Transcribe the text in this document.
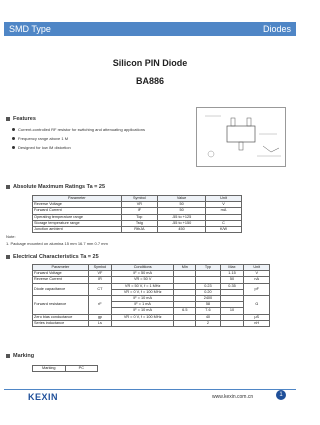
SMD Type	Diodes
Silicon PIN Diode
BA886
Features
Current-controlled RF resistor for switching and attenuating applications
Frequency range above 1 M
Designed for low IM distortion
Absolute Maximum Ratings Ta = 25
Parameter	Symbol	Value	Unit
Reverse Voltage	VR	50	V
Forward Current	IF	50	mA
Operating temperature range	Top	-55 to +125	
Storage temperature range	Tstg	-55 to +150	C
Junction ambient	RthJA	450	K/W
Note:
1. Package mounted on alumina 15 mm 16.7 mm 0.7 mm
Electrical Characteristics Ta = 25
Parameter	Symbol	Conditions	Min	Typ	Max	Unit
Forward Voltage	VF	IF = 50 mA			1.15	V
Reverse Current	IR	VR = 50 V			50	nA
Diode capacitance	CT	VR = 50 V, f = 1 MHz		0.23	0.35	pF
		VR = 0 V, f = 100 MHz		0.20		
Forward resistance	rF	IF = 10 mA		2400		Ω
		IF = 1 mA		58		
		IF = 10 mA	6.5	7.6	10	
Zero bias conductance	gp	VR = 0 V, f = 100 MHz		40		μS
Series inductance	Ls			2		nH
Marking
Marking	PC
KEXIN	www.kexin.com.cn	1
